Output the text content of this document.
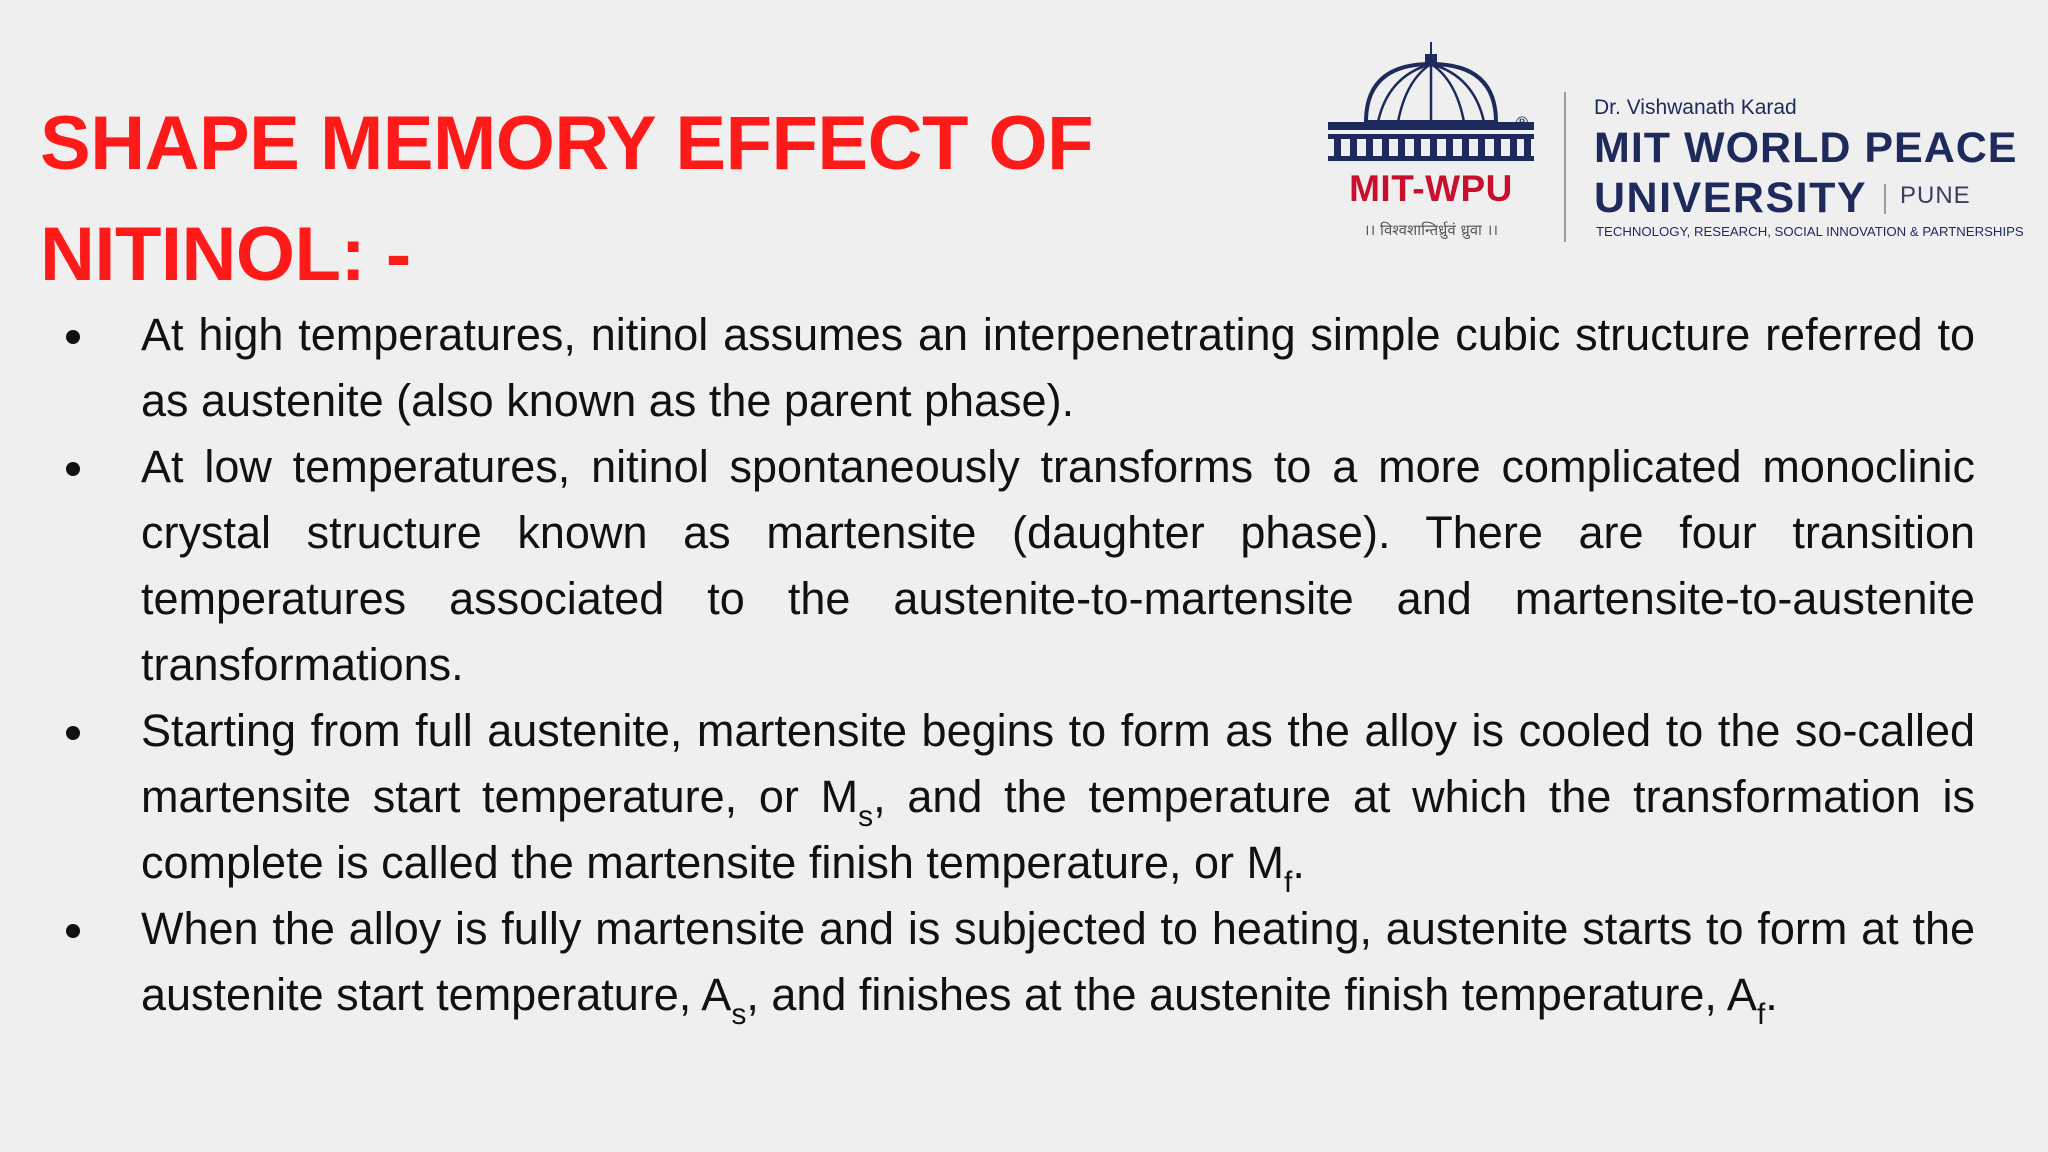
SHAPE MEMORY EFFECT OF NITINOL: -
®
MIT-WPU
।। विश्वशान्तिर्ध्रुवं ध्रुवा ।।
Dr. Vishwanath Karad
MIT WORLD PEACE
UNIVERSITY PUNE
TECHNOLOGY, RESEARCH, SOCIAL INNOVATION & PARTNERSHIPS
At high temperatures, nitinol assumes an interpenetrating simple cubic structure referred to as austenite (also known as the parent phase).
At low temperatures, nitinol spontaneously transforms to a more complicated monoclinic crystal structure known as martensite (daughter phase). There are four transition temperatures associated to the austenite-to-martensite and martensite-to-austenite transformations.
Starting from full austenite, martensite begins to form as the alloy is cooled to the so-called martensite start temperature, or $M_s$, and the temperature at which the transformation is complete is called the martensite finish temperature, or $M_f$.
When the alloy is fully martensite and is subjected to heating, austenite starts to form at the austenite start temperature, $A_s$, and finishes at the austenite finish temperature, $A_f$.
